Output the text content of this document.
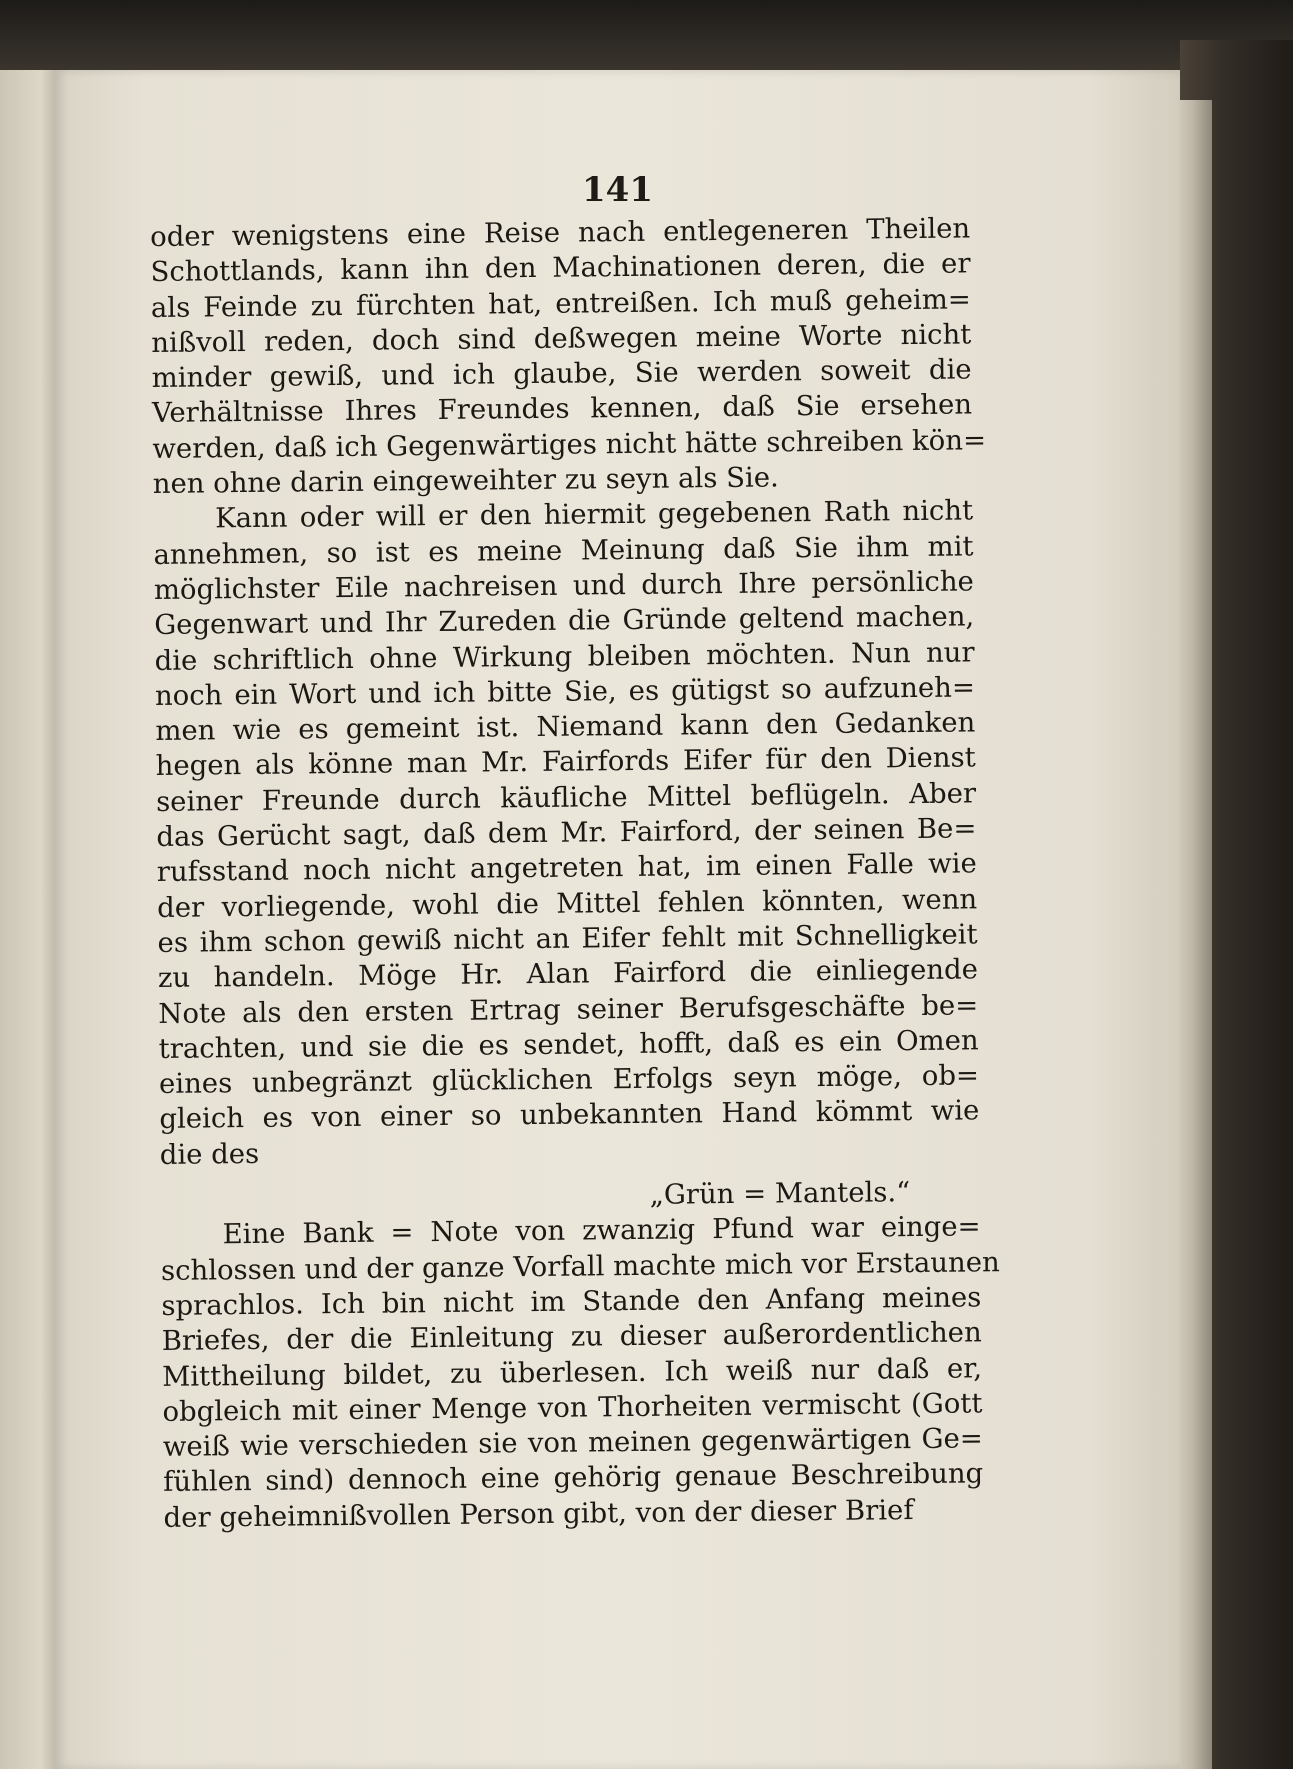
141
oder wenigstens eine Reise nach entlegeneren Theilen
Schottlands, kann ihn den Machinationen deren, die er
als Feinde zu fürchten hat, entreißen. Ich muß geheim=
nißvoll reden, doch sind deßwegen meine Worte nicht
minder gewiß, und ich glaube, Sie werden soweit die
Verhältnisse Ihres Freundes kennen, daß Sie ersehen
werden, daß ich Gegenwärtiges nicht hätte schreiben kön=
nen ohne darin eingeweihter zu seyn als Sie.
Kann oder will er den hiermit gegebenen Rath nicht
annehmen, so ist es meine Meinung daß Sie ihm mit
möglichster Eile nachreisen und durch Ihre persönliche
Gegenwart und Ihr Zureden die Gründe geltend machen,
die schriftlich ohne Wirkung bleiben möchten. Nun nur
noch ein Wort und ich bitte Sie, es gütigst so aufzuneh=
men wie es gemeint ist. Niemand kann den Gedanken
hegen als könne man Mr. Fairfords Eifer für den Dienst
seiner Freunde durch käufliche Mittel beflügeln. Aber
das Gerücht sagt, daß dem Mr. Fairford, der seinen Be=
rufsstand noch nicht angetreten hat, im einen Falle wie
der vorliegende, wohl die Mittel fehlen könnten, wenn
es ihm schon gewiß nicht an Eifer fehlt mit Schnelligkeit
zu handeln. Möge Hr. Alan Fairford die einliegende
Note als den ersten Ertrag seiner Berufsgeschäfte be=
trachten, und sie die es sendet, hofft, daß es ein Omen
eines unbegränzt glücklichen Erfolgs seyn möge, ob=
gleich es von einer so unbekannten Hand kömmt wie
die des
„Grün = Mantels.“
Eine Bank = Note von zwanzig Pfund war einge=
schlossen und der ganze Vorfall machte mich vor Erstaunen
sprachlos. Ich bin nicht im Stande den Anfang meines
Briefes, der die Einleitung zu dieser außerordentlichen
Mittheilung bildet, zu überlesen. Ich weiß nur daß er,
obgleich mit einer Menge von Thorheiten vermischt (Gott
weiß wie verschieden sie von meinen gegenwärtigen Ge=
fühlen sind) dennoch eine gehörig genaue Beschreibung
der geheimnißvollen Person gibt, von der dieser Brief
